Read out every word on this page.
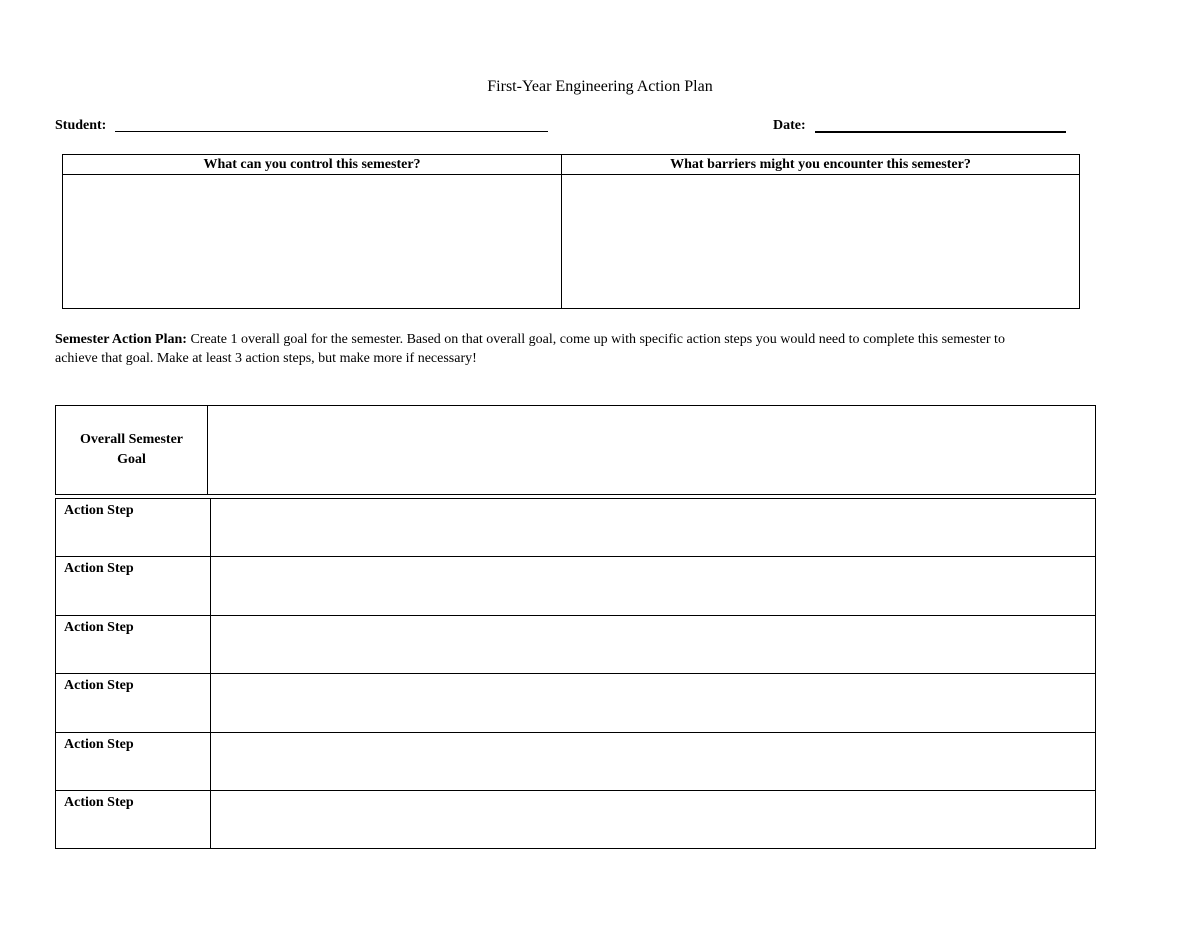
First-Year Engineering Action Plan
Student:	Date:
What can you control this semester?	What barriers might you encounter this semester?
Semester Action Plan: Create 1 overall goal for the semester. Based on that overall goal, come up with specific action steps you would need to complete this semester to achieve that goal. Make at least 3 action steps, but make more if necessary!
Overall Semester Goal
Action Step
Action Step
Action Step
Action Step
Action Step
Action Step
